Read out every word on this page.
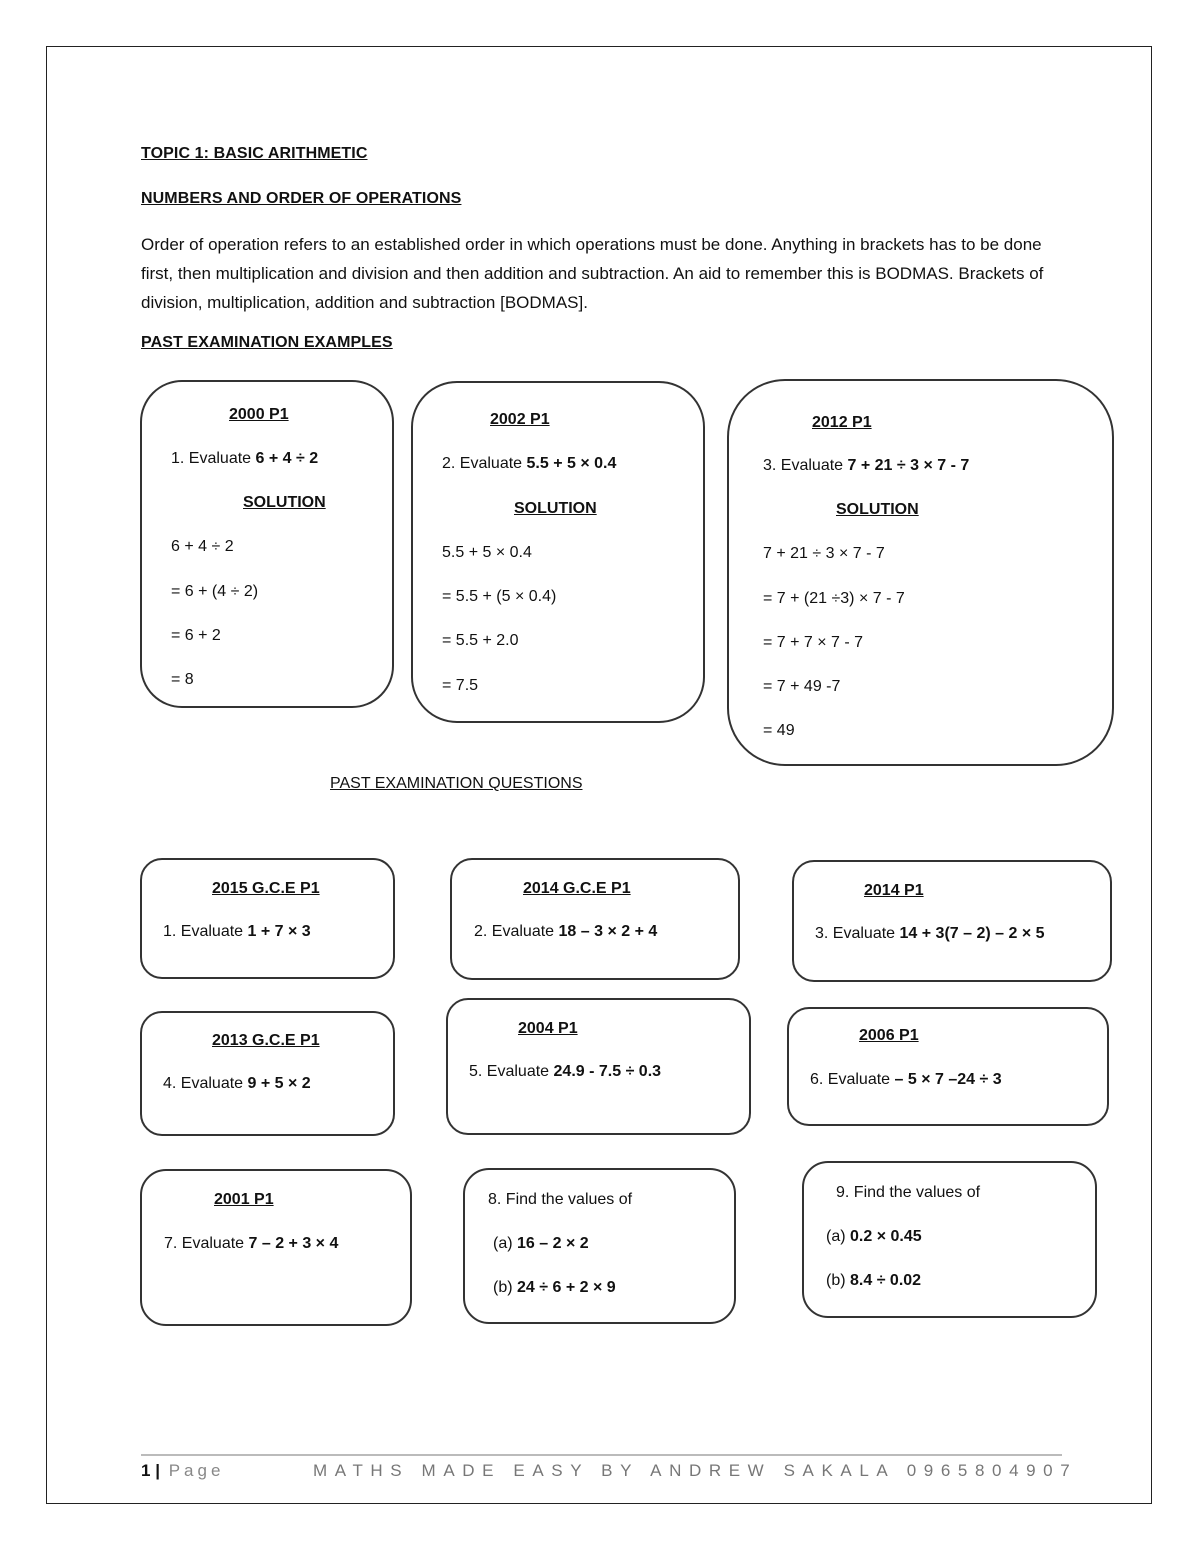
TOPIC 1: BASIC ARITHMETIC
NUMBERS AND ORDER OF OPERATIONS
Order of operation refers to an established order in which operations must be done. Anything in brackets has to be done first, then multiplication and division and then addition and subtraction. An aid to remember this is BODMAS. Brackets of division, multiplication, addition and subtraction [BODMAS].
PAST EXAMINATION EXAMPLES
2000 P1
1. Evaluate 6 + 4 ÷ 2
SOLUTION
6 + 4 ÷ 2
= 6 + (4 ÷ 2)
= 6 + 2
= 8
2002 P1
2. Evaluate 5.5 + 5 × 0.4
SOLUTION
5.5 + 5 × 0.4
= 5.5 + (5 × 0.4)
= 5.5 + 2.0
= 7.5
2012 P1
3. Evaluate 7 + 21 ÷ 3 × 7 - 7
SOLUTION
7 + 21 ÷ 3 × 7 - 7
= 7 + (21 ÷3) × 7 - 7
= 7 + 7 × 7 - 7
= 7 + 49 -7
= 49
PAST EXAMINATION QUESTIONS
2015 G.C.E P1
1. Evaluate 1 + 7 × 3
2014 G.C.E P1
2. Evaluate 18 – 3 × 2 + 4
2014 P1
3. Evaluate 14 + 3(7 – 2) – 2 × 5
2013 G.C.E P1
4. Evaluate 9 + 5 × 2
2004 P1
5. Evaluate 24.9 - 7.5 ÷ 0.3
2006 P1
6. Evaluate – 5 × 7 –24 ÷ 3
2001 P1
7. Evaluate 7 – 2 + 3 × 4
8. Find the values of
(a) 16 – 2 × 2
(b) 24 ÷ 6 + 2 × 9
9. Find the values of
(a) 0.2 × 0.45
(b) 8.4 ÷ 0.02
1 | Page	MATHS MADE EASY BY ANDREW SAKALA 0965804907
